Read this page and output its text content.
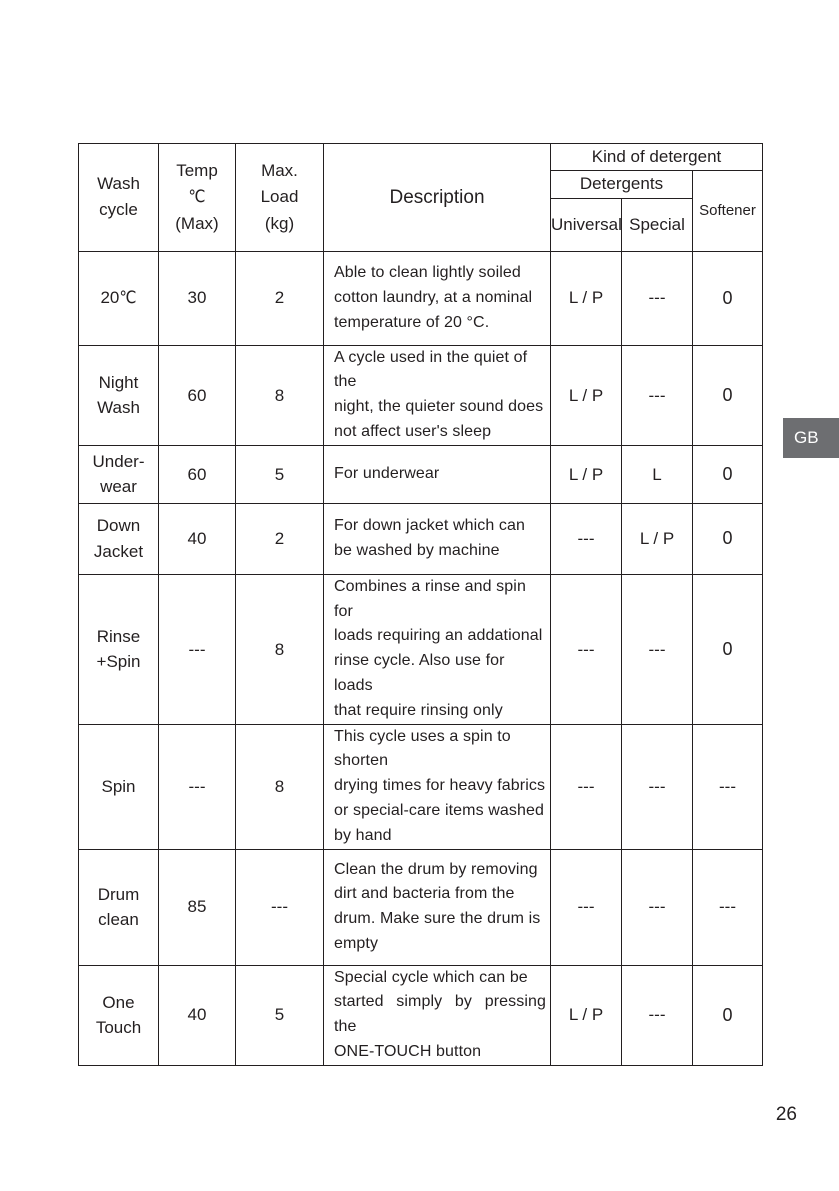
Wash
cycle	Temp
℃
(Max)	Max.
Load
(kg)	Description	Kind of detergent		
				Detergents		Softener
				Universal	Special	
20℃	30	2	Able to clean lightly soiled
cotton laundry, at a nominal
temperature of 20 °C.	L / P	---	0
Night
Wash	60	8	A cycle used in the quiet of the
night, the quieter sound does
not affect user's sleep	L / P	---	0
Under-
wear	60	5	For underwear	L / P	L	0
Down
Jacket	40	2	For down jacket which can
be washed by machine	---	L / P	0
Rinse
+Spin	---	8	Combines a rinse and spin for
loads requiring an addational
rinse cycle. Also use for loads
that require rinsing only	---	---	0
Spin	---	8	This cycle uses a spin to shorten
drying times for heavy fabrics
or special-care items washed
by hand	---	---	---
Drum
clean	85	---	Clean the drum by removing
dirt and bacteria from the
drum. Make sure the drum is
empty	---	---	---
One
Touch	40	5	Special cycle which can be
started simply by pressing the
ONE-TOUCH button	L / P	---	0
GB
26
